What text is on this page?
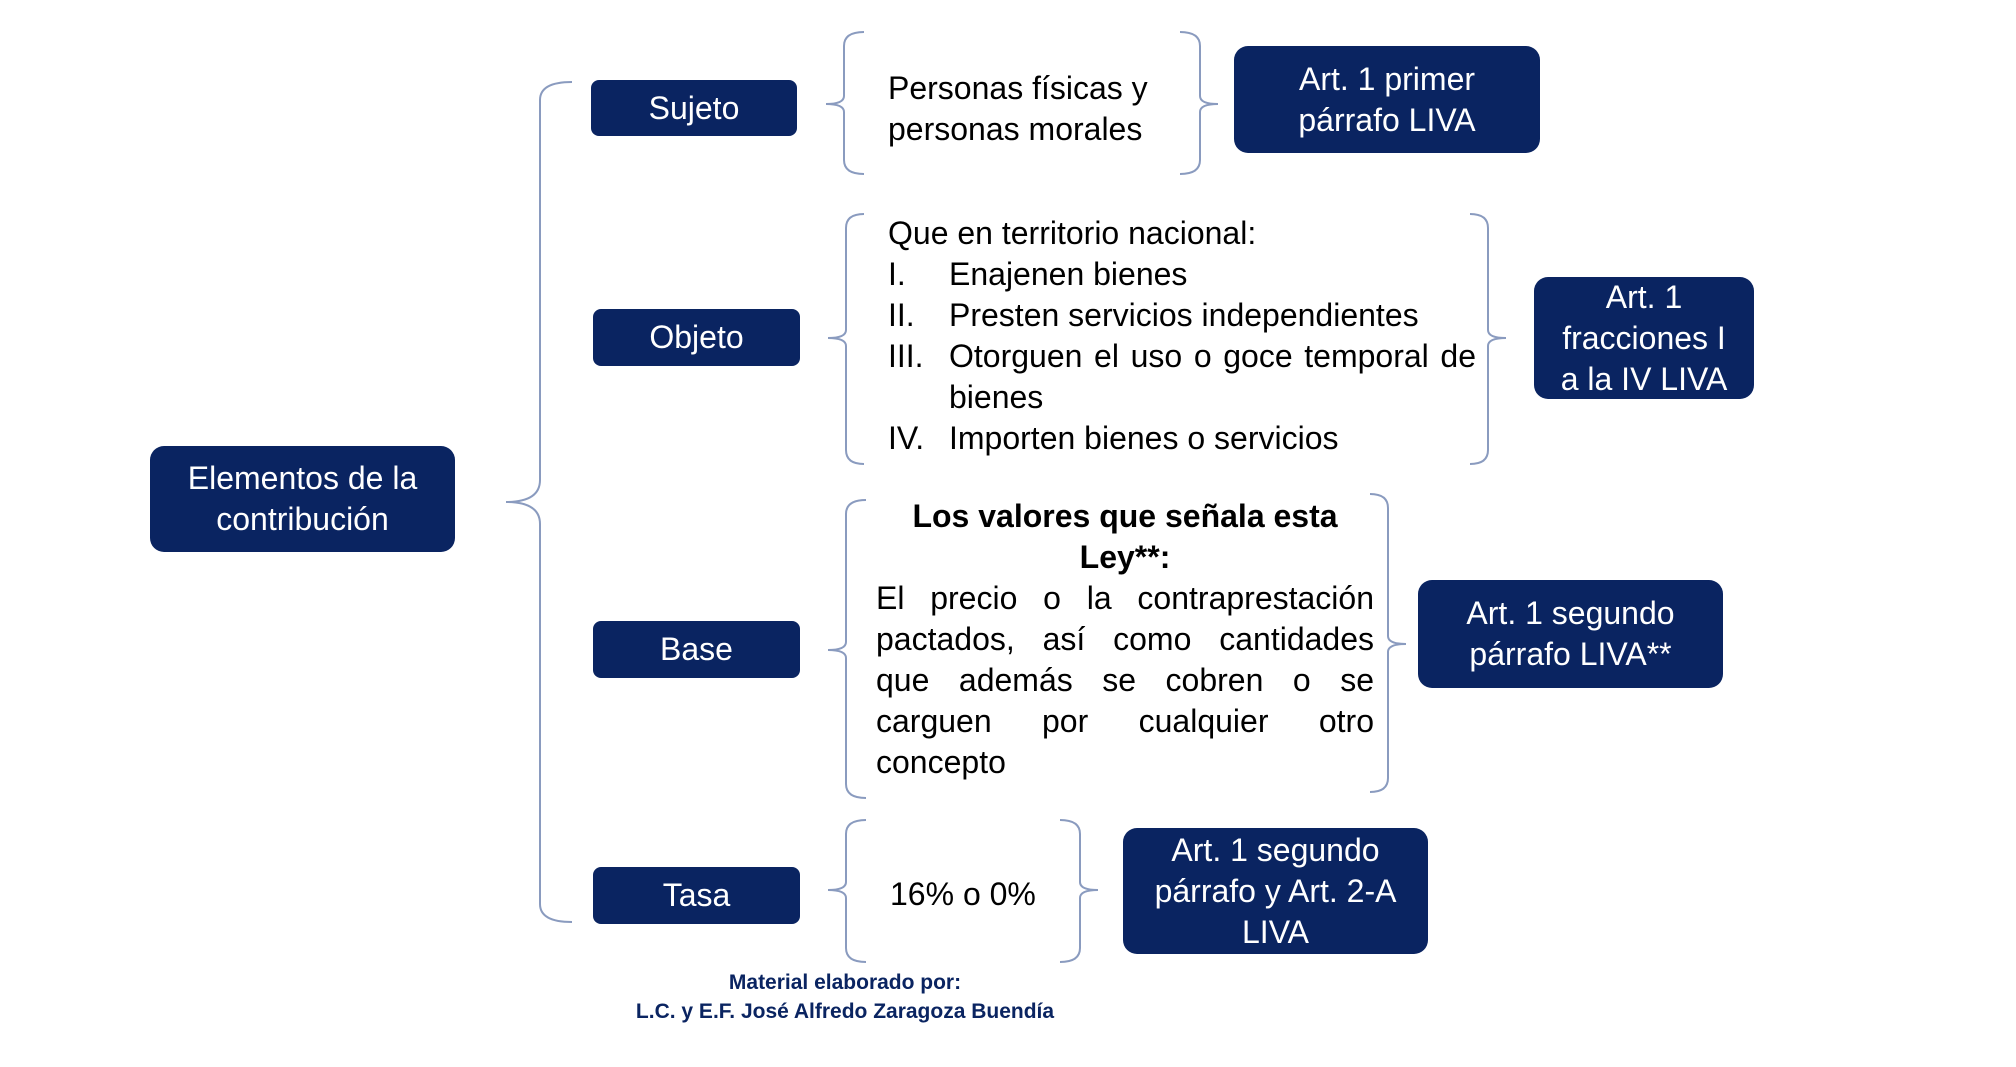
Elementos de la contribución
Sujeto
Personas físicas y personas morales
Art. 1 primer párrafo LIVA
Objeto
Que en territorio nacional:
I.	Enajenen bienes
II.	Presten servicios independientes
III. Otorguen el uso o goce temporal de bienes
IV. Importen bienes o servicios
Art. 1 fracciones I a la IV LIVA
Base
Los valores que señala esta Ley**:
El precio o la contraprestación pactados, así como cantidades que además se cobren o se carguen por cualquier otro concepto
Art. 1 segundo párrafo LIVA**
Tasa	16% o 0%
Art. 1 segundo párrafo y Art. 2-A LIVA
Material elaborado por:
L.C. y E.F. José Alfredo Zaragoza Buendía
